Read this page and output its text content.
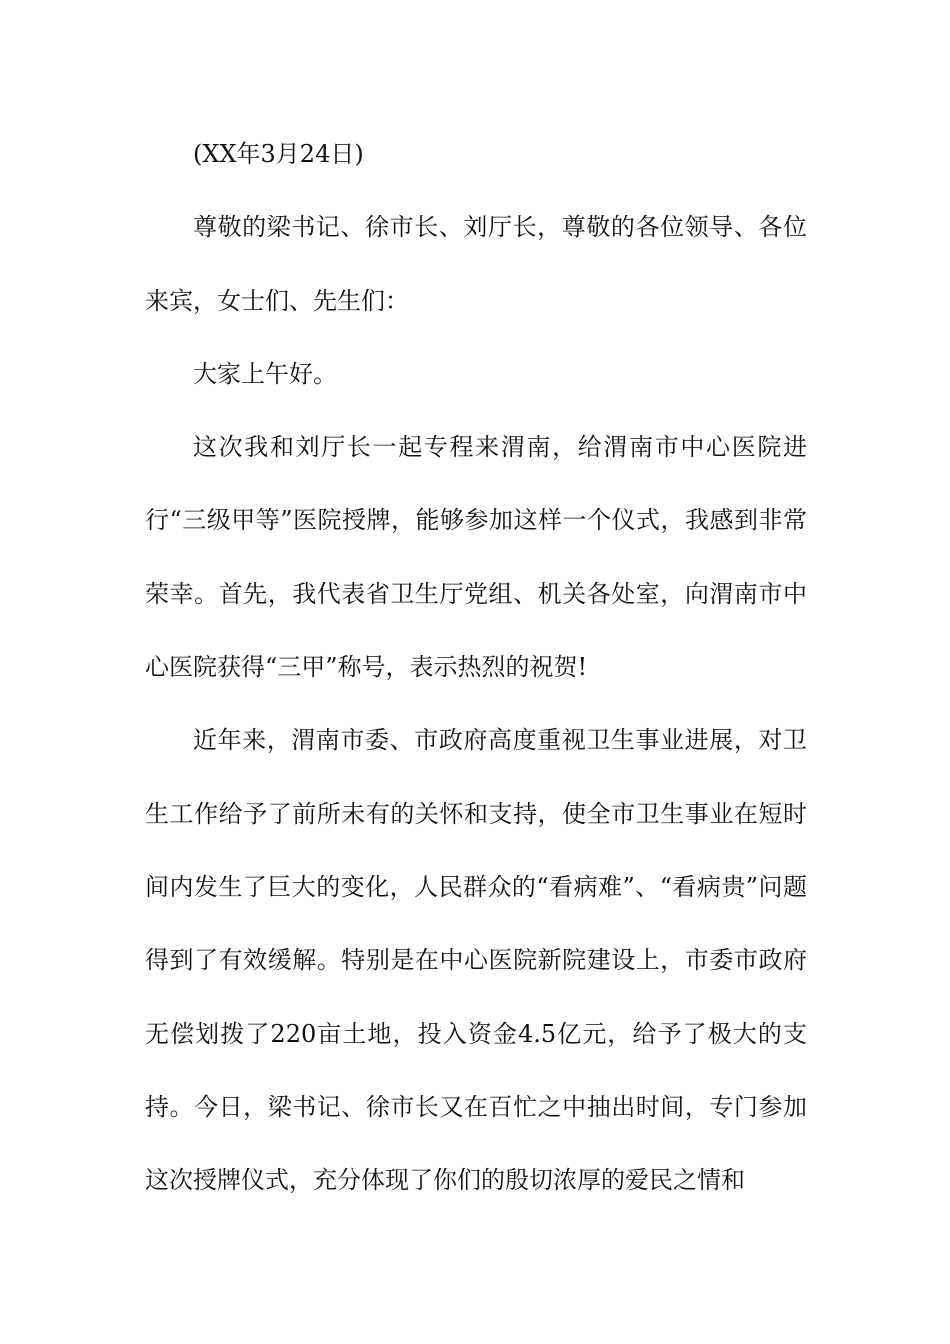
(XX年3月24日)

尊敬的梁书记、徐市长、刘厅长，尊敬的各位领导、各位来宾，女士们、先生们：

大家上午好。

这次我和刘厅长一起专程来渭南，给渭南市中心医院进行“三级甲等”医院授牌，能够参加这样一个仪式，我感到非常荣幸。首先，我代表省卫生厅党组、机关各处室，向渭南市中心医院获得“三甲”称号，表示热烈的祝贺!

近年来，渭南市委、市政府高度重视卫生事业进展，对卫生工作给予了前所未有的关怀和支持，使全市卫生事业在短时间内发生了巨大的变化，人民群众的“看病难”、“看病贵”问题得到了有效缓解。特别是在中心医院新院建设上，市委市政府无偿划拨了220亩土地，投入资金4.5亿元，给予了极大的支持。今日，梁书记、徐市长又在百忙之中抽出时间，专门参加这次授牌仪式，充分体现了你们的殷切浓厚的爱民之情和
